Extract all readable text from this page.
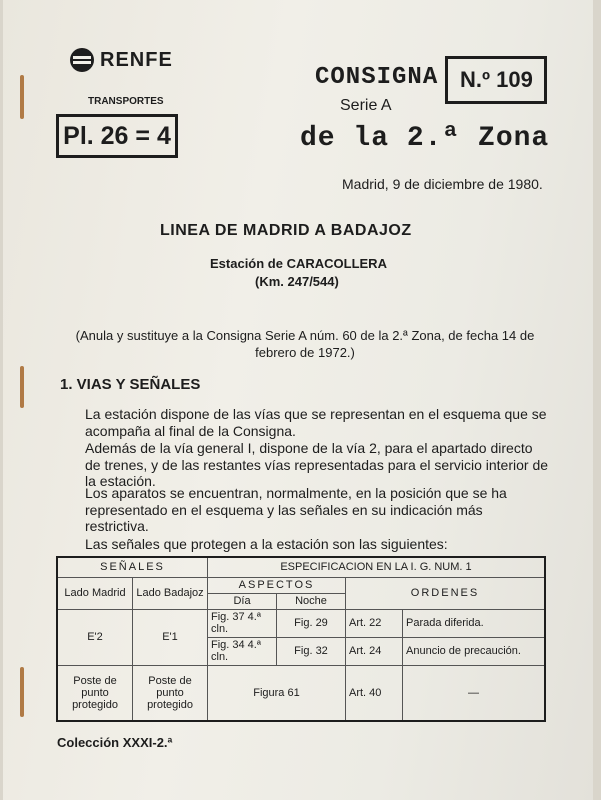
RENFE
TRANSPORTES
Pl. 26 = 4
CONSIGNA N.º 109
Serie A
de la 2.ª Zona
Madrid, 9 de diciembre de 1980.
LINEA DE MADRID A BADAJOZ
Estación de CARACOLLERA
(Km. 247/544)
(Anula y sustituye a la Consigna Serie A núm. 60 de la 2.ª Zona, de fecha 14 de febrero de 1972.)
1. VIAS Y SEÑALES
La estación dispone de las vías que se representan en el esquema que se acompaña al final de la Consigna.
Además de la vía general I, dispone de la vía 2, para el apartado directo de trenes, y de las restantes vías representadas para el servicio interior de la estación.
Los aparatos se encuentran, normalmente, en la posición que se ha representado en el esquema y las señales en su indicación más restrictiva.
Las señales que protegen a la estación son las siguientes:
SEÑALES		ESPECIFICACION EN LA I. G. NUM. 1			
Lado Madrid	Lado Badajoz	ASPECTOS		ORDENES	
		Día	Noche		
E'2	E'1	Fig. 37 4.ª cln.	Fig. 29	Art. 22	Parada diferida.
		Fig. 34 4.ª cln.	Fig. 32	Art. 24	Anuncio de precaución.
Poste de punto protegido	Poste de punto protegido	Figura 61		Art. 40	—
Colección XXXI-2.ª
